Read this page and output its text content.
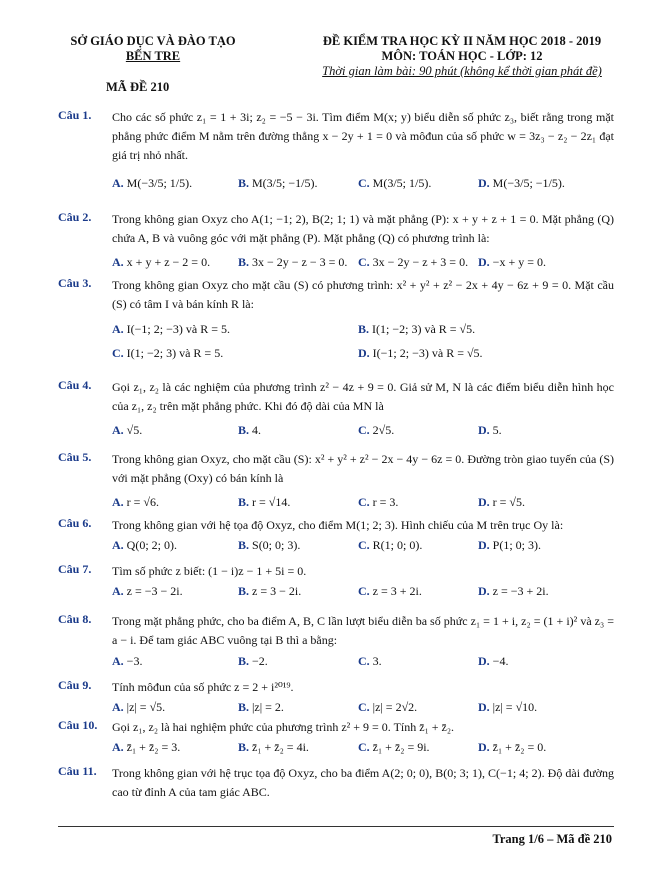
SỞ GIÁO DỤC VÀ ĐÀO TẠO
BẾN TRE
MÃ ĐỀ 210
ĐỀ KIỂM TRA HỌC KỲ II NĂM HỌC 2018 - 2019
MÔN: TOÁN HỌC - LỚP: 12
Thời gian làm bài: 90 phút (không kể thời gian phát đề)
Câu 1. Cho các số phức z₁ = 1 + 3i; z₂ = −5 − 3i. Tìm điểm M(x; y) biểu diễn số phức z₃, biết rằng trong mặt phẳng phức điểm M nằm trên đường thẳng x − 2y + 1 = 0 và môđun của số phức w = 3z₃ − z₂ − 2z₁ đạt giá trị nhỏ nhất.
A. M(−3/5; 1/5).	B. M(3/5; −1/5).	C. M(3/5; 1/5).	D. M(−3/5; −1/5).
Câu 2. Trong không gian Oxyz cho A(1; −1; 2), B(2; 1; 1) và mặt phẳng (P): x + y + z + 1 = 0. Mặt phẳng (Q) chứa A, B và vuông góc với mặt phẳng (P). Mặt phẳng (Q) có phương trình là:
A. x + y + z − 2 = 0. B. 3x − 2y − z − 3 = 0. C. 3x − 2y − z + 3 = 0. D. −x + y = 0.
Câu 3. Trong không gian Oxyz cho mặt cầu (S) có phương trình: x² + y² + z² − 2x + 4y − 6z + 9 = 0. Mặt cầu (S) có tâm I và bán kính R là:
A. I(−1; 2; −3) và R = 5.	B. I(1; −2; 3) và R = √5.
C. I(1; −2; 3) và R = 5.	D. I(−1; 2; −3) và R = √5.
Câu 4. Gọi z₁, z₂ là các nghiệm của phương trình z² − 4z + 9 = 0. Giả sử M, N là các điểm biểu diễn hình học của z₁, z₂ trên mặt phẳng phức. Khi đó độ dài của MN là
A. √5.	B. 4.	C. 2√5.	D. 5.
Câu 5. Trong không gian Oxyz, cho mặt cầu (S): x² + y² + z² − 2x − 4y − 6z = 0. Đường tròn giao tuyến của (S) với mặt phẳng (Oxy) có bán kính là
A. r = √6.	B. r = √14.	C. r = 3.	D. r = √5.
Câu 6. Trong không gian với hệ tọa độ Oxyz, cho điểm M(1; 2; 3). Hình chiếu của M trên trục Oy là:
A. Q(0; 2; 0).	B. S(0; 0; 3).	C. R(1; 0; 0).	D. P(1; 0; 3).
Câu 7. Tìm số phức z biết: (1 − i)z − 1 + 5i = 0.
A. z = −3 − 2i.	B. z = 3 − 2i.	C. z = 3 + 2i.	D. z = −3 + 2i.
Câu 8. Trong mặt phẳng phức, cho ba điểm A, B, C lần lượt biểu diễn ba số phức z₁ = 1 + i, z₂ = (1 + i)² và z₃ = a − i. Để tam giác ABC vuông tại B thì a bằng:
A. −3.	B. −2.	C. 3.	D. −4.
Câu 9. Tính môđun của số phức z = 2 + i²⁰¹⁹.
A. |z| = √5.	B. |z| = 2.	C. |z| = 2√2.	D. |z| = √10.
Câu 10. Gọi z₁, z₂ là hai nghiệm phức của phương trình z² + 9 = 0. Tính z̄₁ + z̄₂.
A. z̄₁ + z̄₂ = 3.	B. z̄₁ + z̄₂ = 4i.	C. z̄₁ + z̄₂ = 9i.	D. z̄₁ + z̄₂ = 0.
Câu 11. Trong không gian với hệ trục tọa độ Oxyz, cho ba điểm A(2; 0; 0), B(0; 3; 1), C(−1; 4; 2). Độ dài đường cao từ đỉnh A của tam giác ABC.
Trang 1/6 – Mã đề 210
